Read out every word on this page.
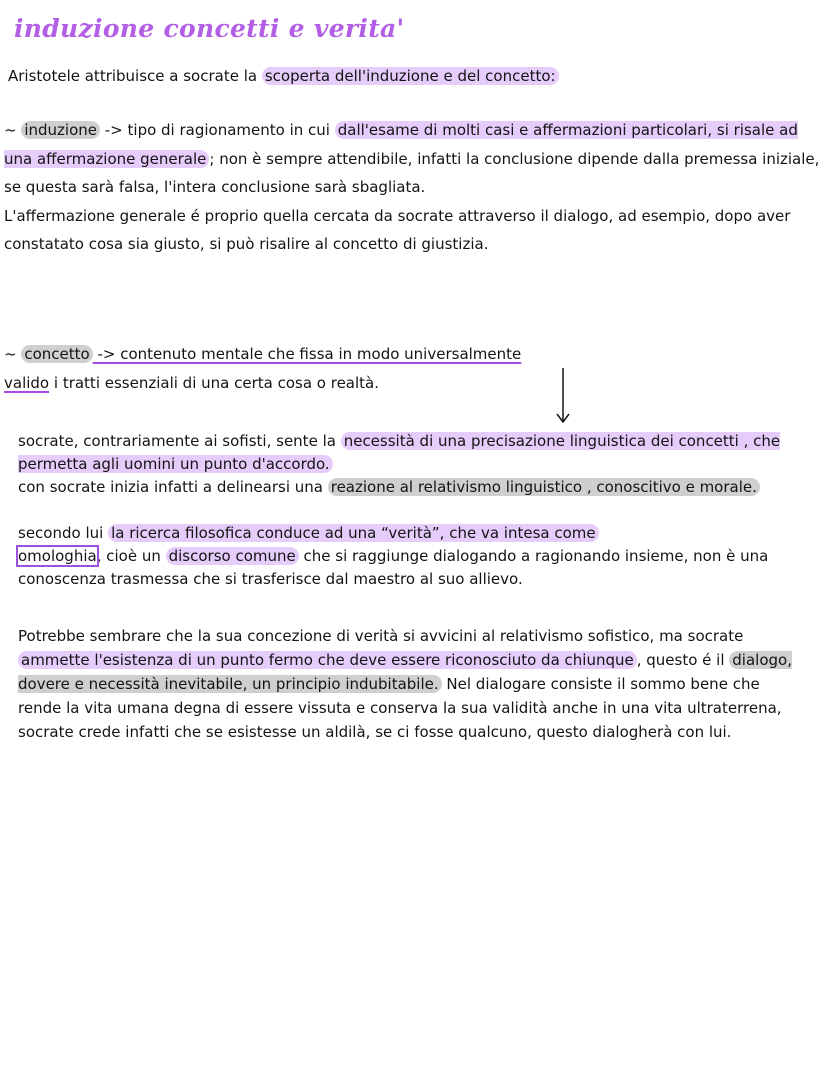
induzione concetti e verita'

Aristotele attribuisce a socrate la scoperta dell'induzione e del concetto:

~ induzione -> tipo di ragionamento in cui dall'esame di molti casi e affermazioni particolari, si risale ad una affermazione generale ; non è sempre attendibile, infatti la conclusione dipende dalla premessa iniziale, se questa sarà falsa, l'intera conclusione sarà sbagliata.
L'affermazione generale é proprio quella cercata da socrate attraverso il dialogo, ad esempio, dopo aver constatato cosa sia giusto, si può risalire al concetto di giustizia.

~ concetto -> contenuto mentale che fissa in modo universalmente
valido i tratti essenziali di una certa cosa o realtà.

socrate, contrariamente ai sofisti, sente la necessità di una precisazione linguistica dei concetti , che permetta agli uomini un punto d'accordo.
con socrate inizia infatti a delinearsi una reazione al relativismo linguistico , conoscitivo e morale.

secondo lui la ricerca filosofica conduce ad una “verità”, che va intesa come
omologhia, cioè un discorso comune che si raggiunge dialogando a ragionando insieme, non è una conoscenza trasmessa che si trasferisce dal maestro al suo allievo.

Potrebbe sembrare che la sua concezione di verità si avvicini al relativismo sofistico, ma socrate ammette l'esistenza di un punto fermo che deve essere riconosciuto da chiunque , questo é il dialogo, dovere e necessità inevitabile, un principio indubitabile. Nel dialogare consiste il sommo bene che rende la vita umana degna di essere vissuta e conserva la sua validità anche in una vita ultraterrena, socrate crede infatti che se esistesse un aldilà, se ci fosse qualcuno, questo dialogherà con lui.
